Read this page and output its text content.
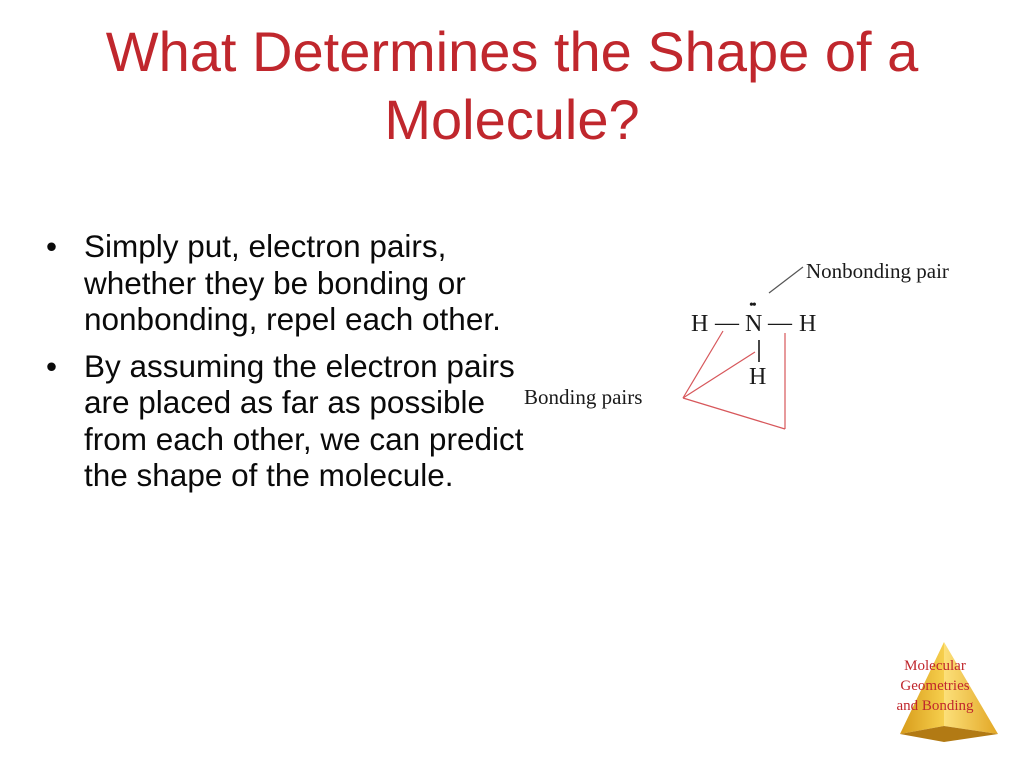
What Determines the Shape of a Molecule?
• Simply put, electron pairs, whether they be bonding or nonbonding, repel each other.
• By assuming the electron pairs are placed as far as possible from each other, we can predict the shape of the molecule.
Nonbonding pair
H — N
••
— H
H
Bonding pairs
Molecular
Geometries
and Bonding
